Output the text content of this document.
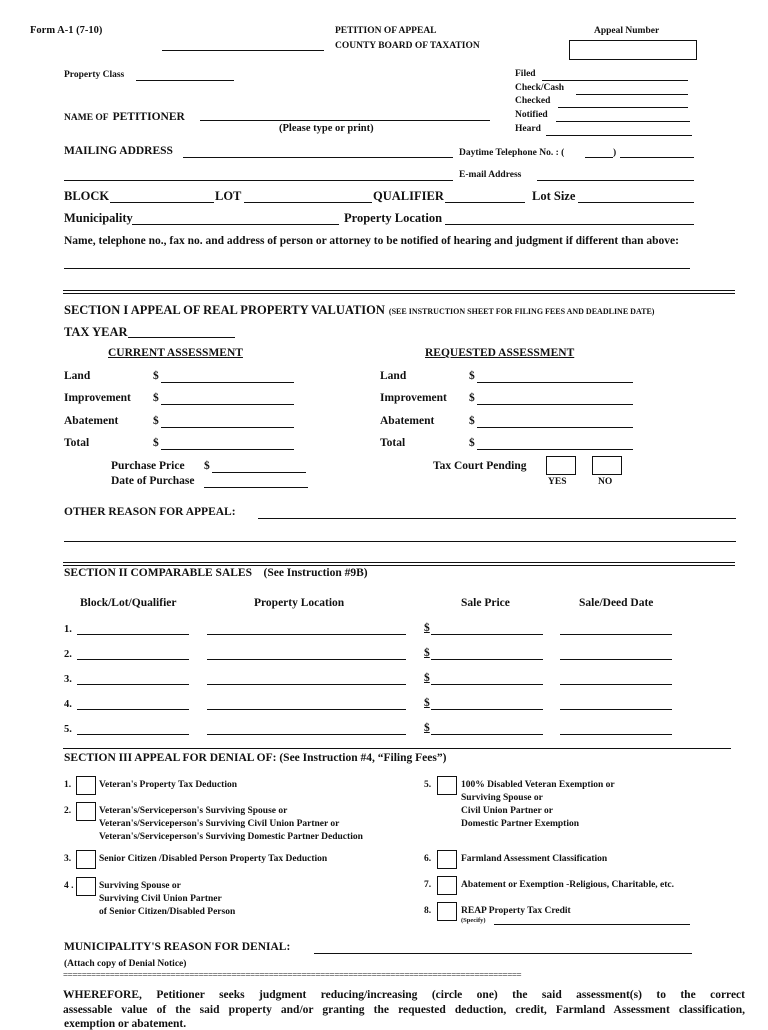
Form A-1 (7-10)	PETITION OF APPEAL
COUNTY BOARD OF TAXATION
Appeal Number
Filed
Check/Cash
Checked
Notified
Heard
Property Class
NAME OF PETITIONER
(Please type or print)
MAILING ADDRESS	Daytime Telephone No. : (	)
E-mail Address
BLOCK	LOT	QUALIFIER	Lot Size
Municipality	Property Location
Name, telephone no., fax no. and address of person or attorney to be notified of hearing and judgment if different than above:
SECTION I APPEAL OF REAL PROPERTY VALUATION (SEE INSTRUCTION SHEET FOR FILING FEES AND DEADLINE DATE)
TAX YEAR
CURRENT ASSESSMENT	REQUESTED ASSESSMENT
Land	$
Improvement $
Abatement	$
Total	$
Land	$
Improvement $
Abatement	$
Total	$
Purchase Price $
Date of Purchase
Tax Court Pending
YES	NO
OTHER REASON FOR APPEAL:
SECTION II COMPARABLE SALES (See Instruction #9B)
Block/Lot/Qualifier	Property Location	Sale Price	Sale/Deed Date
1.	$
2.	$
3.	$
4.	$
5.	$
SECTION III APPEAL FOR DENIAL OF: (See Instruction #4, “Filing Fees”)
1.	Veteran's Property Tax Deduction
2.	Veteran's/Serviceperson's Surviving Spouse or
Veteran's/Serviceperson's Surviving Civil Union Partner or
Veteran's/Serviceperson's Surviving Domestic Partner Deduction
3.	Senior Citizen /Disabled Person Property Tax Deduction
4 .	Surviving Spouse or
Surviving Civil Union Partner
of Senior Citizen/Disabled Person
5.	100% Disabled Veteran Exemption or
Surviving Spouse or
Civil Union Partner or
Domestic Partner Exemption
6.	Farmland Assessment Classification
7.	Abatement or Exemption -Religious, Charitable, etc.
8.	REAP Property Tax Credit
(Specify)
MUNICIPALITY'S REASON FOR DENIAL:
(Attach copy of Denial Notice)
==================================================================================================
WHEREFORE, Petitioner seeks judgment reducing/increasing (circle one) the said assessment(s) to the correct
assessable value of the said property and/or granting the requested deduction, credit, Farmland Assessment classification,
exemption or abatement.
